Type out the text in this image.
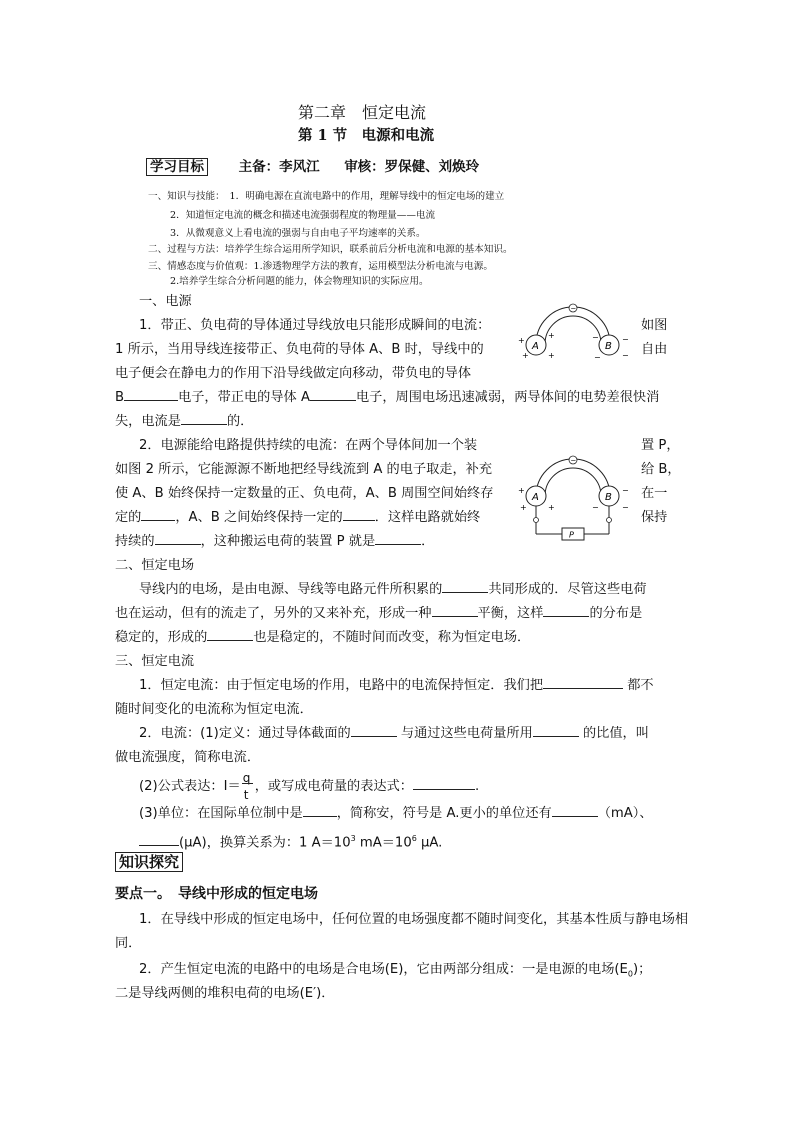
第二章　恒定电流
第 1 节　电源和电流
学习目标	主备：李风江 审核：罗保健、刘焕玲
一、知识与技能：　1．明确电源在直流电路中的作用，理解导线中的恒定电场的建立
2．知道恒定电流的概念和描述电流强弱程度的物理量——电流
3．从微观意义上看电流的强弱与自由电子平均速率的关系。
二、过程与方法：培养学生综合运用所学知识，联系前后分析电流和电源的基本知识。
三、情感态度与价值观：1.渗透物理学方法的教育，运用模型法分析电流与电源。
2.培养学生综合分析问题的能力，体会物理知识的实际应用。
一、电源
1．带正、负电荷的导体通过导线放电只能形成瞬间的电流：	如图
1 所示，当用导线连接带正、负电荷的导体 A、B 时，导线中的	自由
电子便会在静电力的作用下沿导线做定向移动，带负电的导体
B	电子，带正电的导体 A	电子，周围电场迅速减弱，两导体间的电势差很快消
失，电流是	的．
2．电源能给电路提供持续的电流：在两个导体间加一个装	置 P，
如图 2 所示，它能源源不断地把经导线流到 A 的电子取走，补充	给 B，
使 A、B 始终保持一定数量的正、负电荷，A、B 周围空间始终存	在一
定的	，A、B 之间始终保持一定的 ．这样电路就始终	保持
持续的	，这种搬运电荷的装置 P 就是	．
−
A	B
+
+ +
+	−	−
−
−
−
A	B
P
+
+	+
−
−
−
二、恒定电场
导线内的电场，是由电源、导线等电路元件所积累的	共同形成的．尽管这些电荷
也在运动，但有的流走了，另外的又来补充，形成一种	平衡，这样	的分布是
稳定的，形成的	也是稳定的，不随时间而改变，称为恒定电场．
三、恒定电流
1．恒定电流：由于恒定电场的作用，电路中的电流保持恒定．我们把	都不
随时间变化的电流称为恒定电流．
2．电流：(1)定义：通过导体截面的	与通过这些电荷量所用	的比值，叫
做电流强度，简称电流．
(2)公式表达：I＝
q
t
，或写成电荷量的表达式：	.
(3)单位：在国际单位制中是	，简称安，符号是 A.更小的单位还有	（mA）、
(μA)，换算关系为：1 $A=10^3$ $mA=10^6$ μA.
知识探究
要点一。　导线中形成的恒定电场
1．在导线中形成的恒定电场中，任何位置的电场强度都不随时间变化，其基本性质与静电场相
同．
2．产生恒定电流的电路中的电场是合电场(E)，它由两部分组成：一是电源的电场$(E_0)$；
二是导线两侧的堆积电荷的电场(E′)．
